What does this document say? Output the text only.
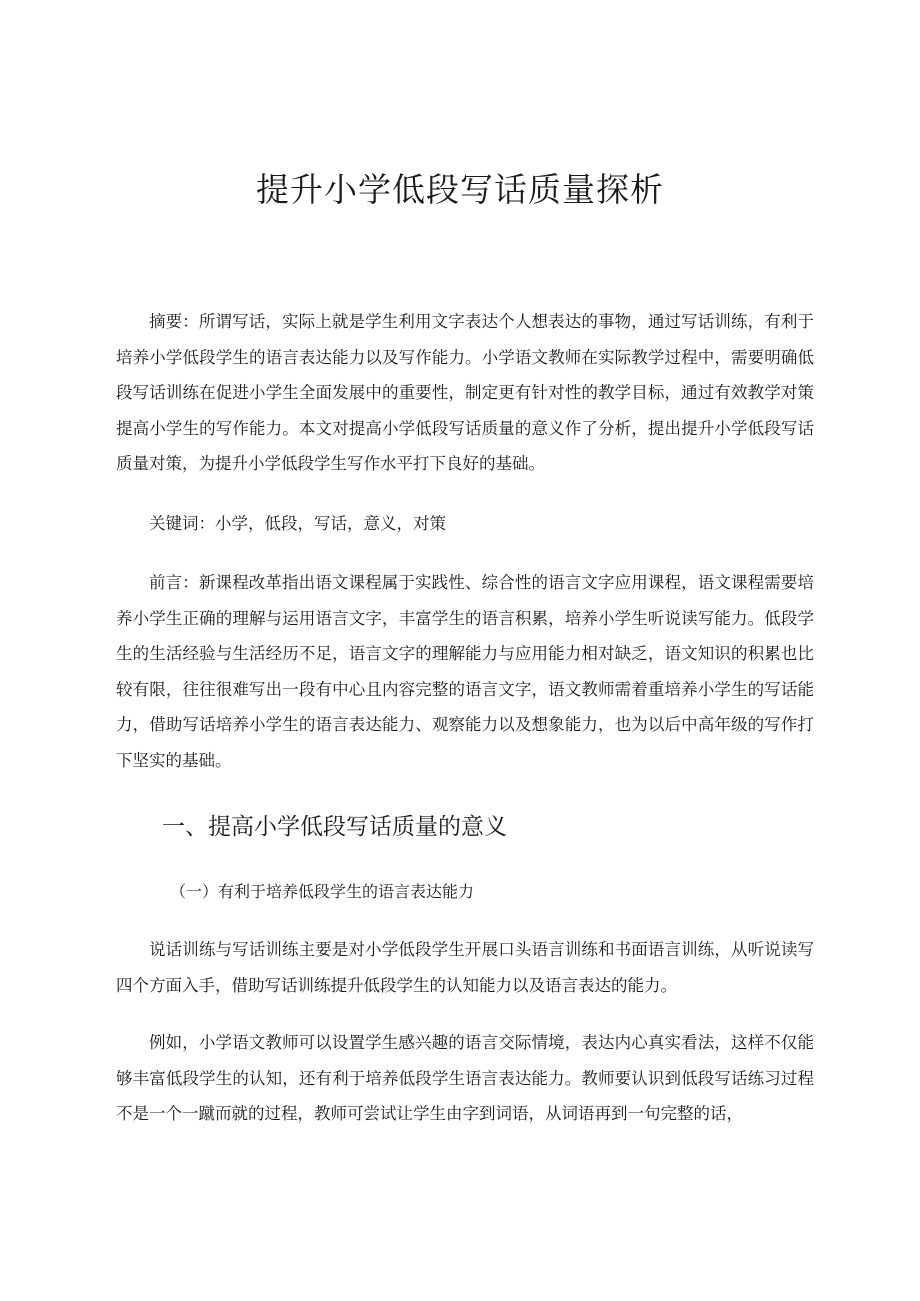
提升小学低段写话质量探析

摘要：所谓写话，实际上就是学生利用文字表达个人想表达的事物，通过写话训练，有利于培养小学低段学生的语言表达能力以及写作能力。小学语文教师在实际教学过程中，需要明确低段写话训练在促进小学生全面发展中的重要性，制定更有针对性的教学目标，通过有效教学对策提高小学生的写作能力。本文对提高小学低段写话质量的意义作了分析，提出提升小学低段写话质量对策，为提升小学低段学生写作水平打下良好的基础。

关键词：小学，低段，写话，意义，对策

前言：新课程改革指出语文课程属于实践性、综合性的语言文字应用课程，语文课程需要培养小学生正确的理解与运用语言文字，丰富学生的语言积累，培养小学生听说读写能力。低段学生的生活经验与生活经历不足，语言文字的理解能力与应用能力相对缺乏，语文知识的积累也比较有限，往往很难写出一段有中心且内容完整的语言文字，语文教师需着重培养小学生的写话能力，借助写话培养小学生的语言表达能力、观察能力以及想象能力，也为以后中高年级的写作打下坚实的基础。

一、提高小学低段写话质量的意义
（一）有利于培养低段学生的语言表达能力

说话训练与写话训练主要是对小学低段学生开展口头语言训练和书面语言训练，从听说读写四个方面入手，借助写话训练提升低段学生的认知能力以及语言表达的能力。

例如，小学语文教师可以设置学生感兴趣的语言交际情境，表达内心真实看法，这样不仅能够丰富低段学生的认知，还有利于培养低段学生语言表达能力。教师要认识到低段写话练习过程不是一个一蹴而就的过程，教师可尝试让学生由字到词语，从词语再到一句完整的话，
